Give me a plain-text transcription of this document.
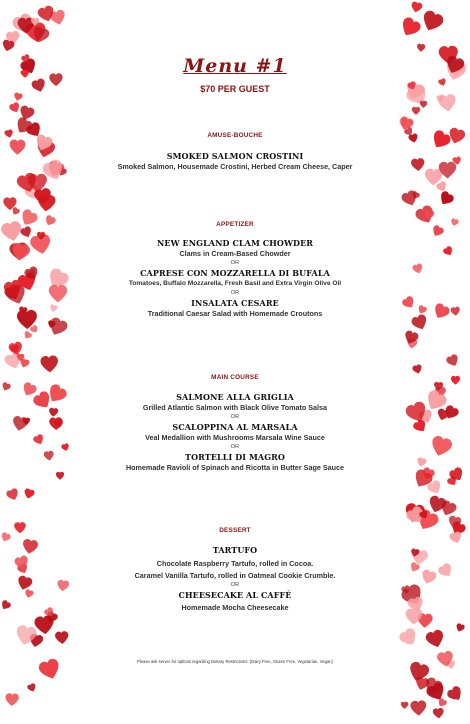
Menu #1
$70 PER GUEST
AMUSE-BOUCHE
SMOKED SALMON CROSTINI
Smoked Salmon, Housemade Crostini, Herbed Cream Cheese, Caper
APPETIZER
NEW ENGLAND CLAM CHOWDER
Clams in Cream-Based Chowder
OR
CAPRESE CON MOZZARELLA DI BUFALA
Tomatoes, Buffalo Mozzarella, Fresh Basil and Extra Virgin Olive Oil
OR
INSALATA CESARE
Traditional Caesar Salad with Homemade Croutons
MAIN COURSE
SALMONE ALLA GRIGLIA
Grilled Atlantic Salmon with Black Olive Tomato Salsa
OR
SCALOPPINA AL MARSALA
Veal Medallion with Mushrooms Marsala Wine Sauce
OR
TORTELLI DI MAGRO
Homemade Ravioli of Spinach and Ricotta in Butter Sage Sauce
DESSERT
TARTUFO
Chocolate Raspberry Tartufo, rolled in Cocoa.
Caramel Vanilla Tartufo, rolled in Oatmeal Cookie Crumble.
OR
CHEESECAKE AL CAFFÈ
Homemade Mocha Cheesecake
Please ask server for options regarding Dietary Restrictions: (Dairy Free, Gluten Free, Vegetarian, Vegan)
